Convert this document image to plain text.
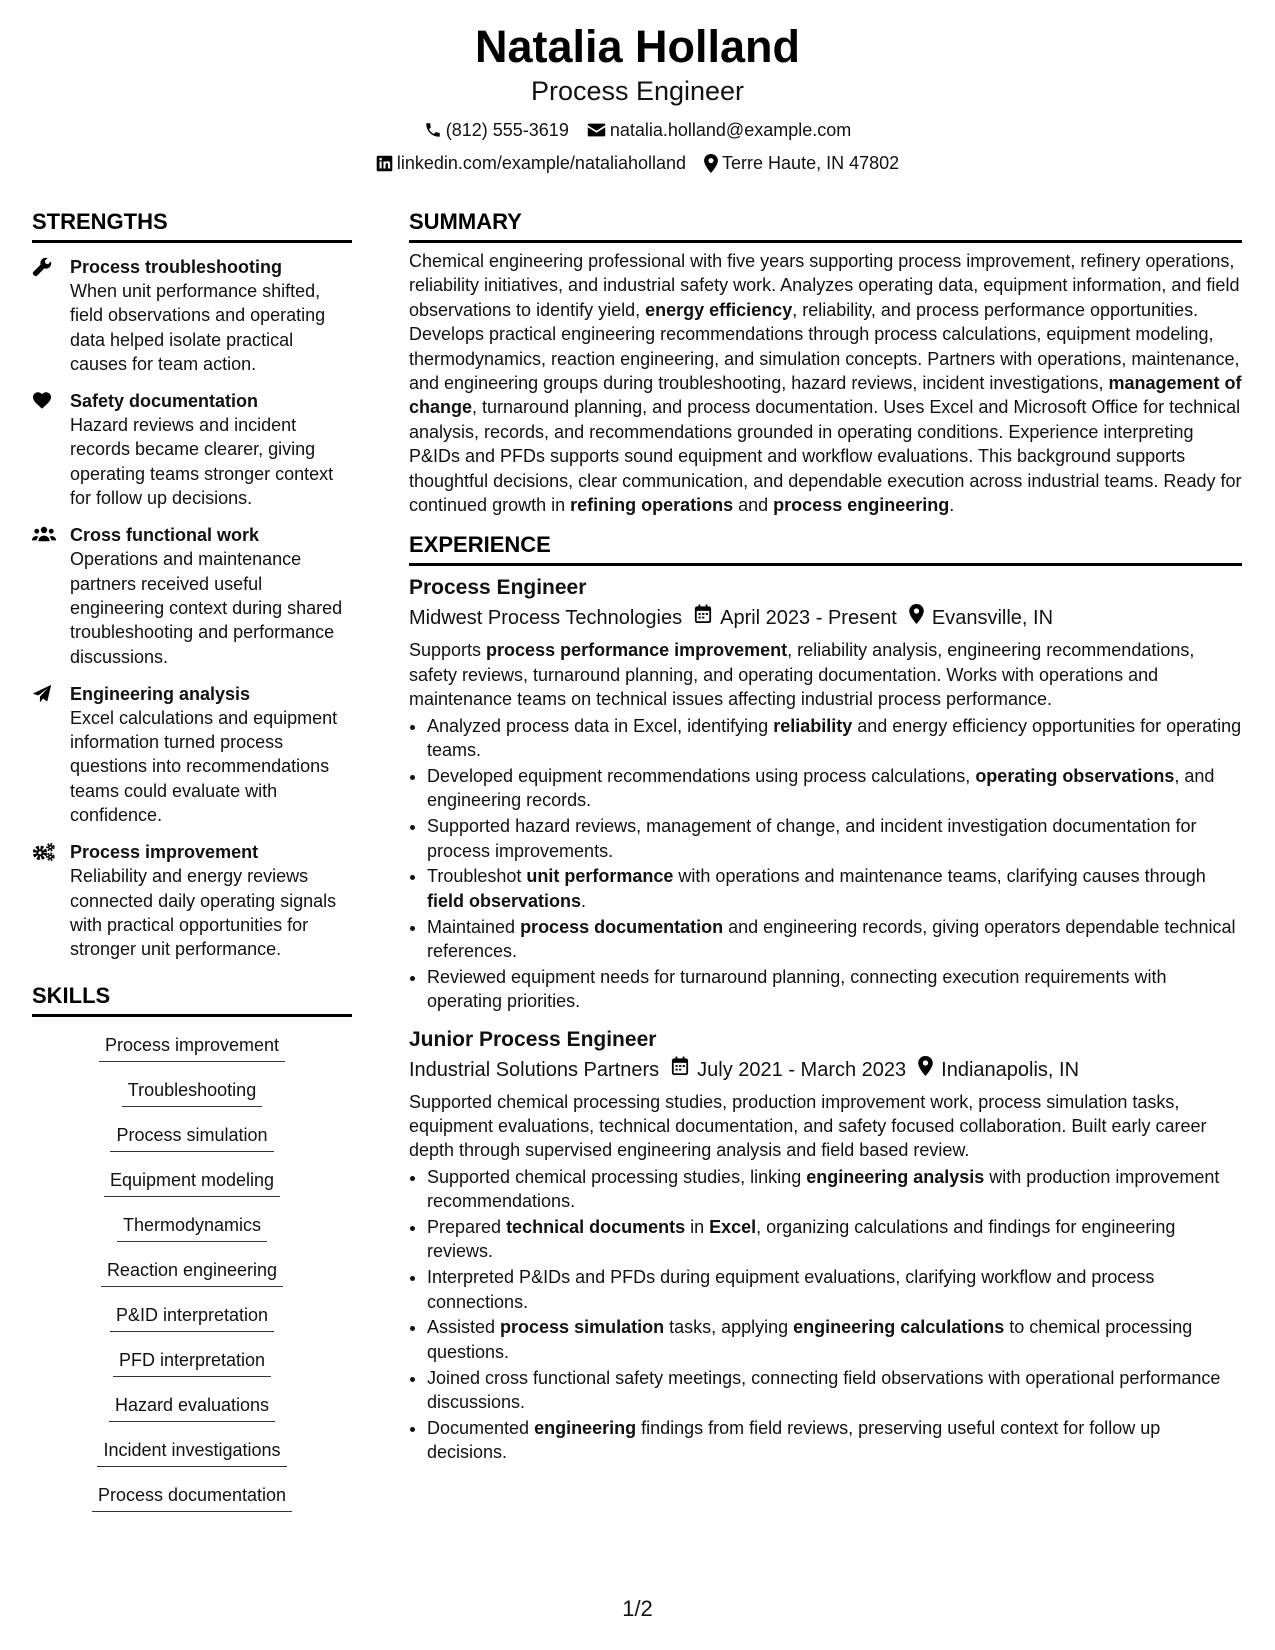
Natalia Holland
Process Engineer
(812) 555-3619 natalia.holland@example.com
linkedin.com/example/nataliaholland Terre Haute, IN 47802
STRENGTHS
Process troubleshooting
When unit performance shifted, field observations and operating data helped isolate practical causes for team action.
Safety documentation
Hazard reviews and incident records became clearer, giving operating teams stronger context for follow up decisions.
Cross functional work
Operations and maintenance partners received useful engineering context during shared troubleshooting and performance discussions.
Engineering analysis
Excel calculations and equipment information turned process questions into recommendations teams could evaluate with confidence.
Process improvement
Reliability and energy reviews connected daily operating signals with practical opportunities for stronger unit performance.
SKILLS
Process improvement
Troubleshooting
Process simulation
Equipment modeling
Thermodynamics
Reaction engineering
P&ID interpretation
PFD interpretation
Hazard evaluations
Incident investigations
Process documentation
SUMMARY
Chemical engineering professional with five years supporting process improvement, refinery operations, reliability initiatives, and industrial safety work. Analyzes operating data, equipment information, and field observations to identify yield, energy efficiency, reliability, and process performance opportunities. Develops practical engineering recommendations through process calculations, equipment modeling, thermodynamics, reaction engineering, and simulation concepts. Partners with operations, maintenance, and engineering groups during troubleshooting, hazard reviews, incident investigations, management of change, turnaround planning, and process documentation. Uses Excel and Microsoft Office for technical analysis, records, and recommendations grounded in operating conditions. Experience interpreting P&IDs and PFDs supports sound equipment and workflow evaluations. This background supports thoughtful decisions, clear communication, and dependable execution across industrial teams. Ready for continued growth in refining operations and process engineering.
EXPERIENCE
Process Engineer
Midwest Process Technologies April 2023 - Present Evansville, IN
Supports process performance improvement, reliability analysis, engineering recommendations, safety reviews, turnaround planning, and operating documentation. Works with operations and maintenance teams on technical issues affecting industrial process performance.
• Analyzed process data in Excel, identifying reliability and energy efficiency opportunities for operating teams.
• Developed equipment recommendations using process calculations, operating observations, and engineering records.
• Supported hazard reviews, management of change, and incident investigation documentation for process improvements.
• Troubleshot unit performance with operations and maintenance teams, clarifying causes through field observations.
• Maintained process documentation and engineering records, giving operators dependable technical references.
• Reviewed equipment needs for turnaround planning, connecting execution requirements with operating priorities.
Junior Process Engineer
Industrial Solutions Partners July 2021 - March 2023 Indianapolis, IN
Supported chemical processing studies, production improvement work, process simulation tasks, equipment evaluations, technical documentation, and safety focused collaboration. Built early career depth through supervised engineering analysis and field based review.
• Supported chemical processing studies, linking engineering analysis with production improvement recommendations.
• Prepared technical documents in Excel, organizing calculations and findings for engineering reviews.
• Interpreted P&IDs and PFDs during equipment evaluations, clarifying workflow and process connections.
• Assisted process simulation tasks, applying engineering calculations to chemical processing questions.
• Joined cross functional safety meetings, connecting field observations with operational performance discussions.
• Documented engineering findings from field reviews, preserving useful context for follow up decisions.
1/2
